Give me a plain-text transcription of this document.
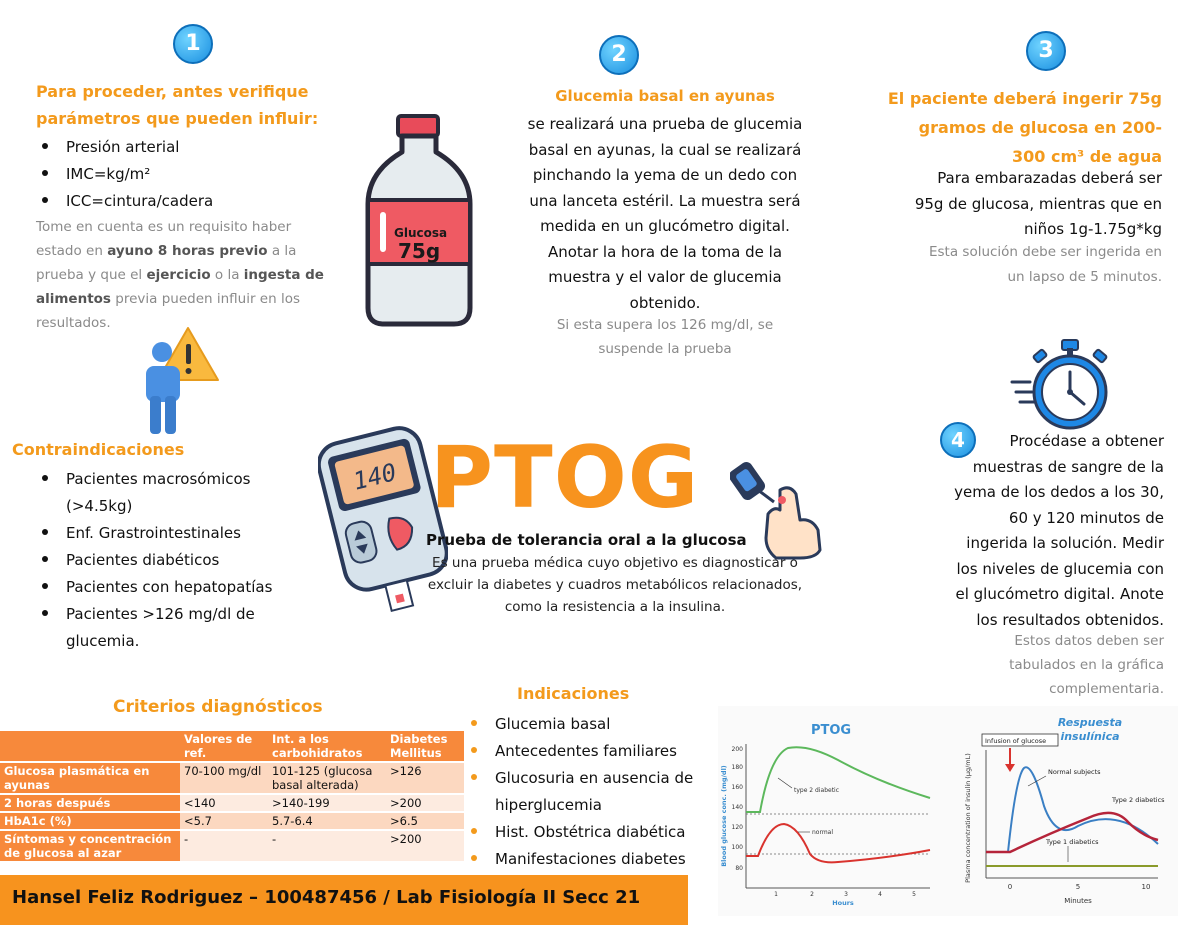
1
Para proceder, antes verifique
parámetros que pueden influir:
Presión arterial
IMC=kg/m²
ICC=cintura/cadera
Tome en cuenta es un requisito haber estado en ayuno 8 horas previo a la prueba y que el ejercicio o la ingesta de alimentos previa pueden influir en los resultados.
Contraindicaciones
Pacientes macrosómicos (>4.5kg)
Enf. Grastrointestinales
Pacientes diabéticos
Pacientes con hepatopatías
Pacientes >126 mg/dl de glucemia.
Glucosa
75g
2
Glucemia basal en ayunas
se realizará una prueba de glucemia
basal en ayunas, la cual se realizará
pinchando la yema de un dedo con
una lanceta estéril. La muestra será
medida en un glucómetro digital.
Anotar la hora de la toma de la
muestra y el valor de glucemia
obtenido.
Si esta supera los 126 mg/dl, se
suspende la prueba
3
El paciente deberá ingerir 75g
gramos de glucosa en 200-
300 cm³ de agua
Para embarazadas deberá ser
95g de glucosa, mientras que en
niños 1g-1.75g*kg
Esta solución debe ser ingerida en
un lapso de 5 minutos.
4	Procédase a obtener
muestras de sangre de la
yema de los dedos a los 30,
60 y 120 minutos de
ingerida la solución. Medir
los niveles de glucemia con
el glucómetro digital. Anote
los resultados obtenidos.
Estos datos deben ser
tabulados en la gráfica
complementaria.
140 PTOG
Prueba de tolerancia oral a la glucosa
Es una prueba médica cuyo objetivo es diagnosticar o
excluir la diabetes y cuadros metabólicos relacionados,
como la resistencia a la insulina.
Criterios diagnósticos
	Valores de ref.	Int. a los carbohidratos	Diabetes Mellitus
Glucosa plasmática en ayunas	70-100 mg/dl	101-125 (glucosa basal alterada)	>126
2 horas después	<140	>140-199	>200
HbA1c (%)	<5.7	5.7-6.4	>6.5
Síntomas y concentración de glucosa al azar	-	-	>200
Indicaciones
Glucemia basal
Antecedentes familiares
Glucosuria en ausencia de hiperglucemia
Hist. Obstétrica diabética
Manifestaciones diabetes
Hansel Feliz Rodriguez – 100487456 / Lab Fisiología II Secc 21
PTOG
Blood glucose conc. (mg/dl)
80
100
120
140
160
180
200
1	2	3	4	5
Hours
type 2 diabetic
normal
Respuesta
insulínica
Infusion of glucose
Plasma concentration of insulin (µg/mL)
0	5	10
Minutes
Normal subjects
Type 2 diabetics
Type 1 diabetics
